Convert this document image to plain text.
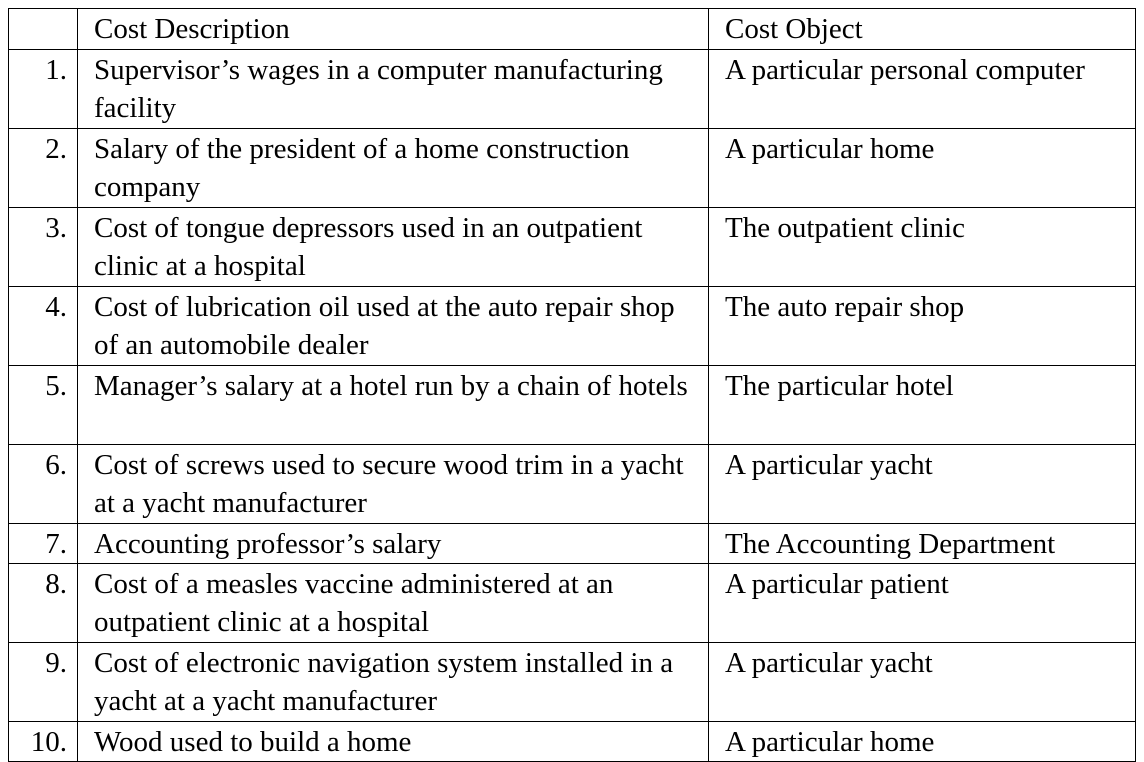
	Cost Description	Cost Object
1.	Supervisor’s wages in a computer manufacturing facility	A particular personal computer
2.	Salary of the president of a home construction company	A particular home
3.	Cost of tongue depressors used in an outpatient clinic at a hospital	The outpatient clinic
4.	Cost of lubrication oil used at the auto repair shop of an automobile dealer	The auto repair shop
5.	Manager’s salary at a hotel run by a chain of hotels	The particular hotel
6.	Cost of screws used to secure wood trim in a yacht at a yacht manufacturer	A particular yacht
7.	Accounting professor’s salary	The Accounting Department
8.	Cost of a measles vaccine administered at an outpatient clinic at a hospital	A particular patient
9.	Cost of electronic navigation system installed in a yacht at a yacht manufacturer	A particular yacht
10.	Wood used to build a home	A particular home
